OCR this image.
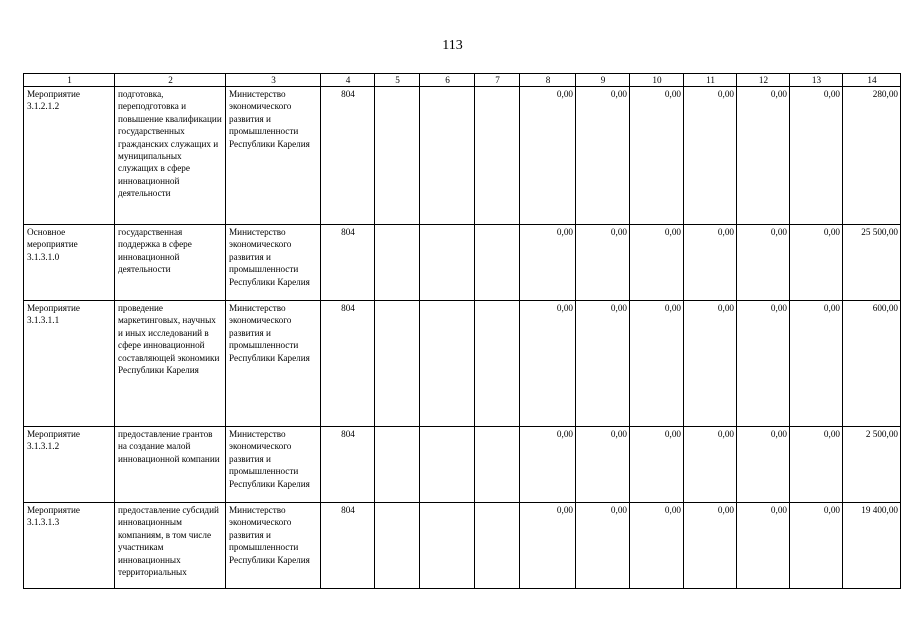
113
1	2	3	4	5	6	7	8	9	10	11	12	13	14
Мероприятие 3.1.2.1.2	подготовка, переподготовка и повышение квалификации государственных гражданских служащих и муниципальных служащих в сфере инновационной деятельности	Министерство экономического развития и промышленности Республики Карелия	804				0,00	0,00	0,00	0,00	0,00	0,00	280,00
Основное мероприятие 3.1.3.1.0	государственная поддержка в сфере инновационной деятельности	Министерство экономического развития и промышленности Республики Карелия	804				0,00	0,00	0,00	0,00	0,00	0,00	25 500,00
Мероприятие 3.1.3.1.1	проведение маркетинговых, научных и иных исследований в сфере инновационной составляющей экономики Республики Карелия	Министерство экономического развития и промышленности Республики Карелия	804				0,00	0,00	0,00	0,00	0,00	0,00	600,00
Мероприятие 3.1.3.1.2	предоставление грантов на создание малой инновационной компании	Министерство экономического развития и промышленности Республики Карелия	804				0,00	0,00	0,00	0,00	0,00	0,00	2 500,00
Мероприятие 3.1.3.1.3	предоставление субсидий инновационным компаниям, в том числе участникам инновационных территориальных	Министерство экономического развития и промышленности Республики Карелия	804				0,00	0,00	0,00	0,00	0,00	0,00	19 400,00
